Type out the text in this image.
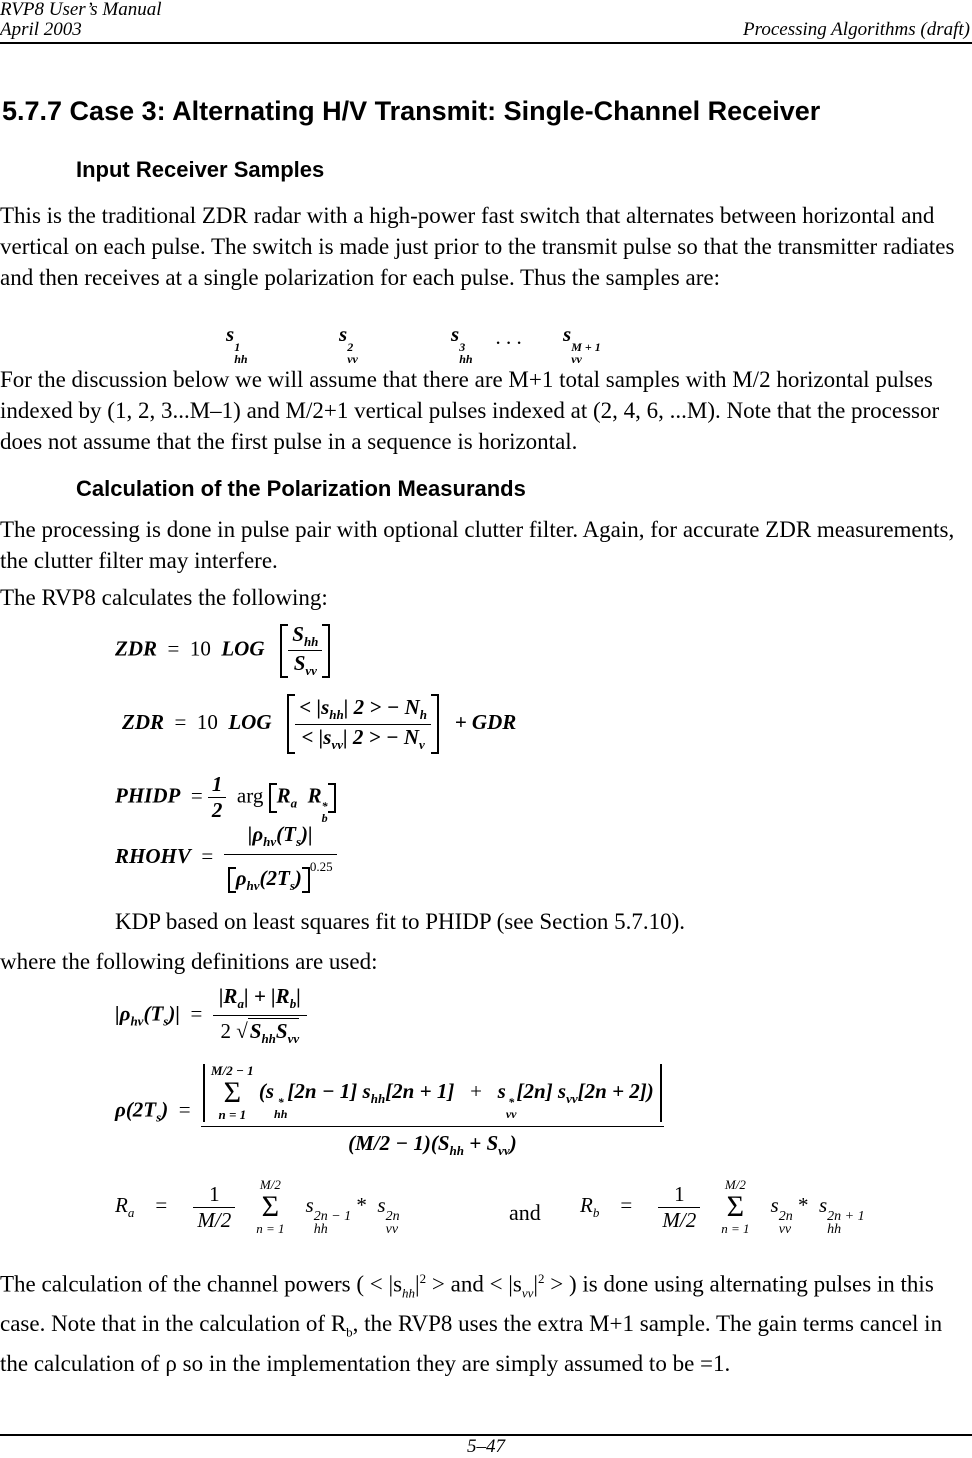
RVP8 User’s Manual
April 2003	Processing Algorithms (draft)
5.7.7 Case 3: Alternating H/V Transmit: Single-Channel Receiver
Input Receiver Samples
This is the traditional ZDR radar with a high-power fast switch that alternates between horizontal and vertical on each pulse. The switch is made just prior to the transmit pulse so that the transmitter radiates and then receives at a single polarization for each pulse. Thus the samples are:
s
1
hh
s
2
vv
s
3
hh
. . . s
M + 1
vv
For the discussion below we will assume that there are M+1 total samples with M/2 horizontal pulses indexed by (1, 2, 3...M–1) and M/2+1 vertical pulses indexed at (2, 4, 6, ...M). Note that the processor does not assume that the first pulse in a sequence is horizontal.
Calculation of the Polarization Measurands
The processing is done in pulse pair with optional clutter filter. Again, for accurate ZDR measurements, the clutter filter may interfere.
The RVP8 calculates the following:
ZDR = 10 LOG $\frac{S_{hh}}{S_{vv}}$
ZDR = 10 LOG $\frac{< |s_{hh}| 2 > - N_h}{< |s_{vv}| 2 > - N_v}$ + GDR
PHIDP = $\frac{1}{2}$ arg $R_a$ R *
b
RHOHV = $\frac{|\rho_{hv}(T_s)|}{\rho_{hv}(2T_s) ^{0.25}}$
KDP based on least squares fit to PHIDP (see Section 5.7.10).
where the following definitions are used:
$|\rho_{hv}(T_s)| = \frac{|R_a| + |R_b|}{2 √S_{hh}S_{vv}}$
$\rho(2T_s)$ =
M/2 − 1
Σ
n = 1 (s *
hh
[2n − 1] $s_{hh}[2n + 1] + s$ *
vv
[2n] $s_{vv}[2n + 2]$)
$(M/2 - 1)(S_{hh} + S_{vv})$
$R_a = \frac{1}{M/2} M/2$
Σ
n = 1    s 2n − 1
hh
* s 2n
vv
and $R_b = \frac{1}{M/2} M/2$
Σ
n = 1    s 2n
vv
* s 2n + 1
hh
The calculation of the channel powers ( < $|s_{hh}|^2$ > and < $|s_{vv}|^2$ > ) is done using alternating pulses in this case. Note that in the calculation of $R_b$, the RVP8 uses the extra M+1 sample. The gain terms cancel in the calculation of ρ so in the implementation they are simply assumed to be =1.
5–47
